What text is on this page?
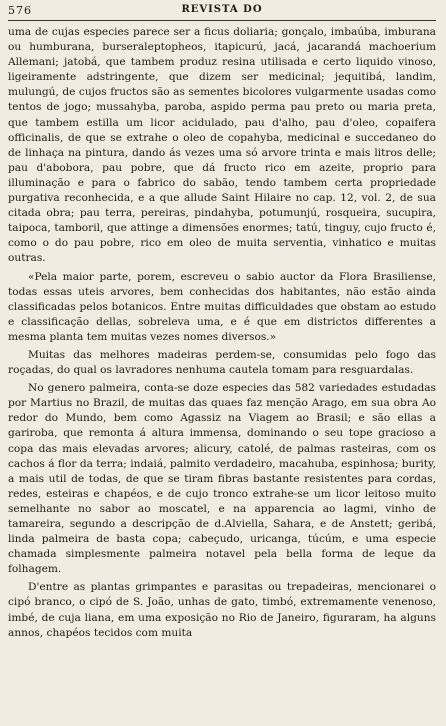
576	REVISTA DO

uma de cujas especies parece ser a ficus doliaria; gonçalo, imbaúba, imburana ou humburana, burseraleptopheos, itapicurú, jacá, jacarandá machoerium Allemani; jatobá, que tambem produz resina utilisada e certo liquido vinoso, ligeiramente adstringente, que dizem ser medicinal; jequitibá, landim, mulungú, de cujos fructos são as sementes bicolores vulgarmente usadas como tentos de jogo; mussahyba, paroba, aspido perma pau preto ou maria preta, que tambem estilla um licor acidulado, pau d'alho, pau d'oleo, copaifera officinalis, de que se extrahe o oleo de copahyba, medicinal e succedaneo do de linhaça na pintura, dando ás vezes uma só arvore trinta e mais litros delle; pau d'abobora, pau pobre, que dá fructo rico em azeite, proprio para illuminação e para o fabrico do sabão, tendo tambem certa propriedade purgativa reconhecida, e a que allude Saint Hilaire no cap. 12, vol. 2, de sua citada obra; pau terra, pereiras, pindahyba, potumunjú, rosqueira, sucupira, taipoca, tamboril, que attinge a dimensões enormes; tatú, tinguy, cujo fructo é, como o do pau pobre, rico em oleo de muita serventia, vinhatico e muitas outras.

«Pela maior parte, porem, escreveu o sabio auctor da Flora Brasiliense, todas essas uteis arvores, bem conhecidas dos habitantes, não estão ainda classificadas pelos botanicos. Entre muitas difficuldades que obstam ao estudo e classificação dellas, sobreleva uma, e é que em districtos differentes a mesma planta tem muitas vezes nomes diversos.»

Muitas das melhores madeiras perdem-se, consumidas pelo fogo das roçadas, do qual os lavradores nenhuma cautela tomam para resguardalas.

No genero palmeira, conta-se doze especies das 582 variedades estudadas por Martius no Brazil, de muitas das quaes faz menção Arago, em sua obra Ao redor do Mundo, bem como Agassiz na Viagem ao Brasil; e são ellas a gariroba, que remonta á altura immensa, dominando o seu tope gracioso a copa das mais elevadas arvores; alicury, catolé, de palmas rasteiras, com os cachos á flor da terra; indaiá, palmito verdadeiro, macahuba, espinhosa; burity, a mais util de todas, de que se tiram fibras bastante resistentes para cordas, redes, esteiras e chapéos, e de cujo tronco extrahe-se um licor leitoso muito semelhante no sabor ao moscatel, e na apparencia ao lagmi, vinho de tamareira, segundo a descripção de d.Alviella, Sahara, e de Anstett; geribá, linda palmeira de basta copa; cabeçudo, uricanga, túcúm, e uma especie chamada simplesmente palmeira notavel pela bella forma de leque da folhagem.

D'entre as plantas grimpantes e parasitas ou trepadeiras, mencionarei o cipó branco, o cipó de S. João, unhas de gato, timbó, extremamente venenoso, imbé, de cuja liana, em uma exposição no Rio de Janeiro, figuraram, ha alguns annos, chapéos tecidos com muita
